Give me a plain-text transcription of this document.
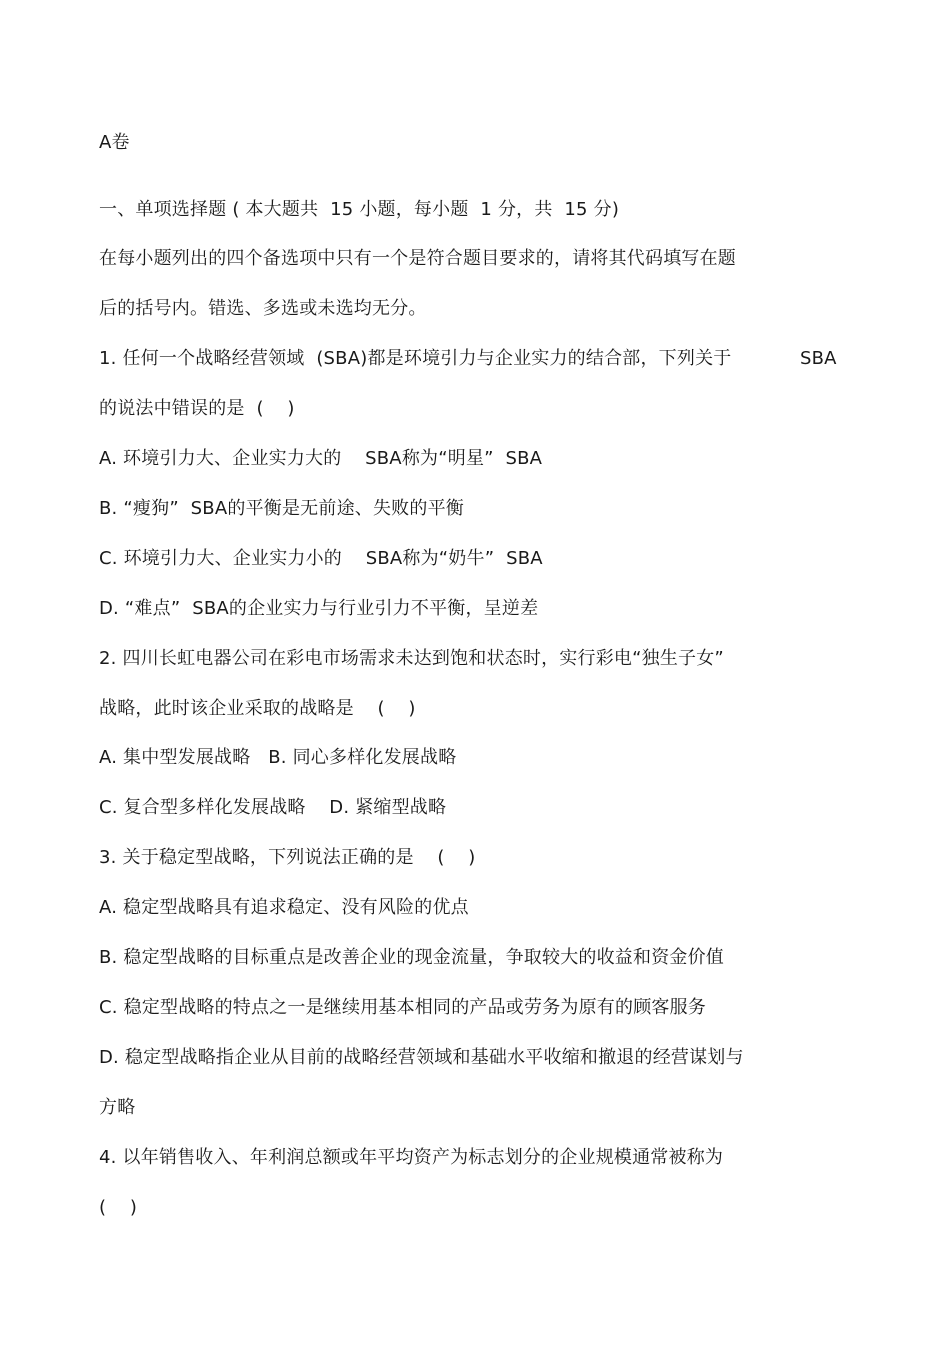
A卷
一、单项选择题 ( 本大题共  15 小题，每小题  1 分，共  15 分)
在每小题列出的四个备选项中只有一个是符合题目要求的，请将其代码填写在题
后的括号内。错选、多选或未选均无分。
1. 任何一个战略经营领域  (SBA)都是环境引力与企业实力的结合部，下列关于	SBA
的说法中错误的是  (    )
A. 环境引力大、企业实力大的    SBA称为“明星”  SBA
B. “瘦狗”  SBA的平衡是无前途、失败的平衡
C. 环境引力大、企业实力小的    SBA称为“奶牛”  SBA
D. “难点”  SBA的企业实力与行业引力不平衡，呈逆差
2. 四川长虹电器公司在彩电市场需求未达到饱和状态时，实行彩电“独生子女”
战略，此时该企业采取的战略是    (    )
A. 集中型发展战略   B. 同心多样化发展战略
C. 复合型多样化发展战略    D. 紧缩型战略
3. 关于稳定型战略，下列说法正确的是    (    )
A. 稳定型战略具有追求稳定、没有风险的优点
B. 稳定型战略的目标重点是改善企业的现金流量，争取较大的收益和资金价值
C. 稳定型战略的特点之一是继续用基本相同的产品或劳务为原有的顾客服务
D. 稳定型战略指企业从目前的战略经营领域和基础水平收缩和撤退的经营谋划与
方略
4. 以年销售收入、年利润总额或年平均资产为标志划分的企业规模通常被称为
(    )
